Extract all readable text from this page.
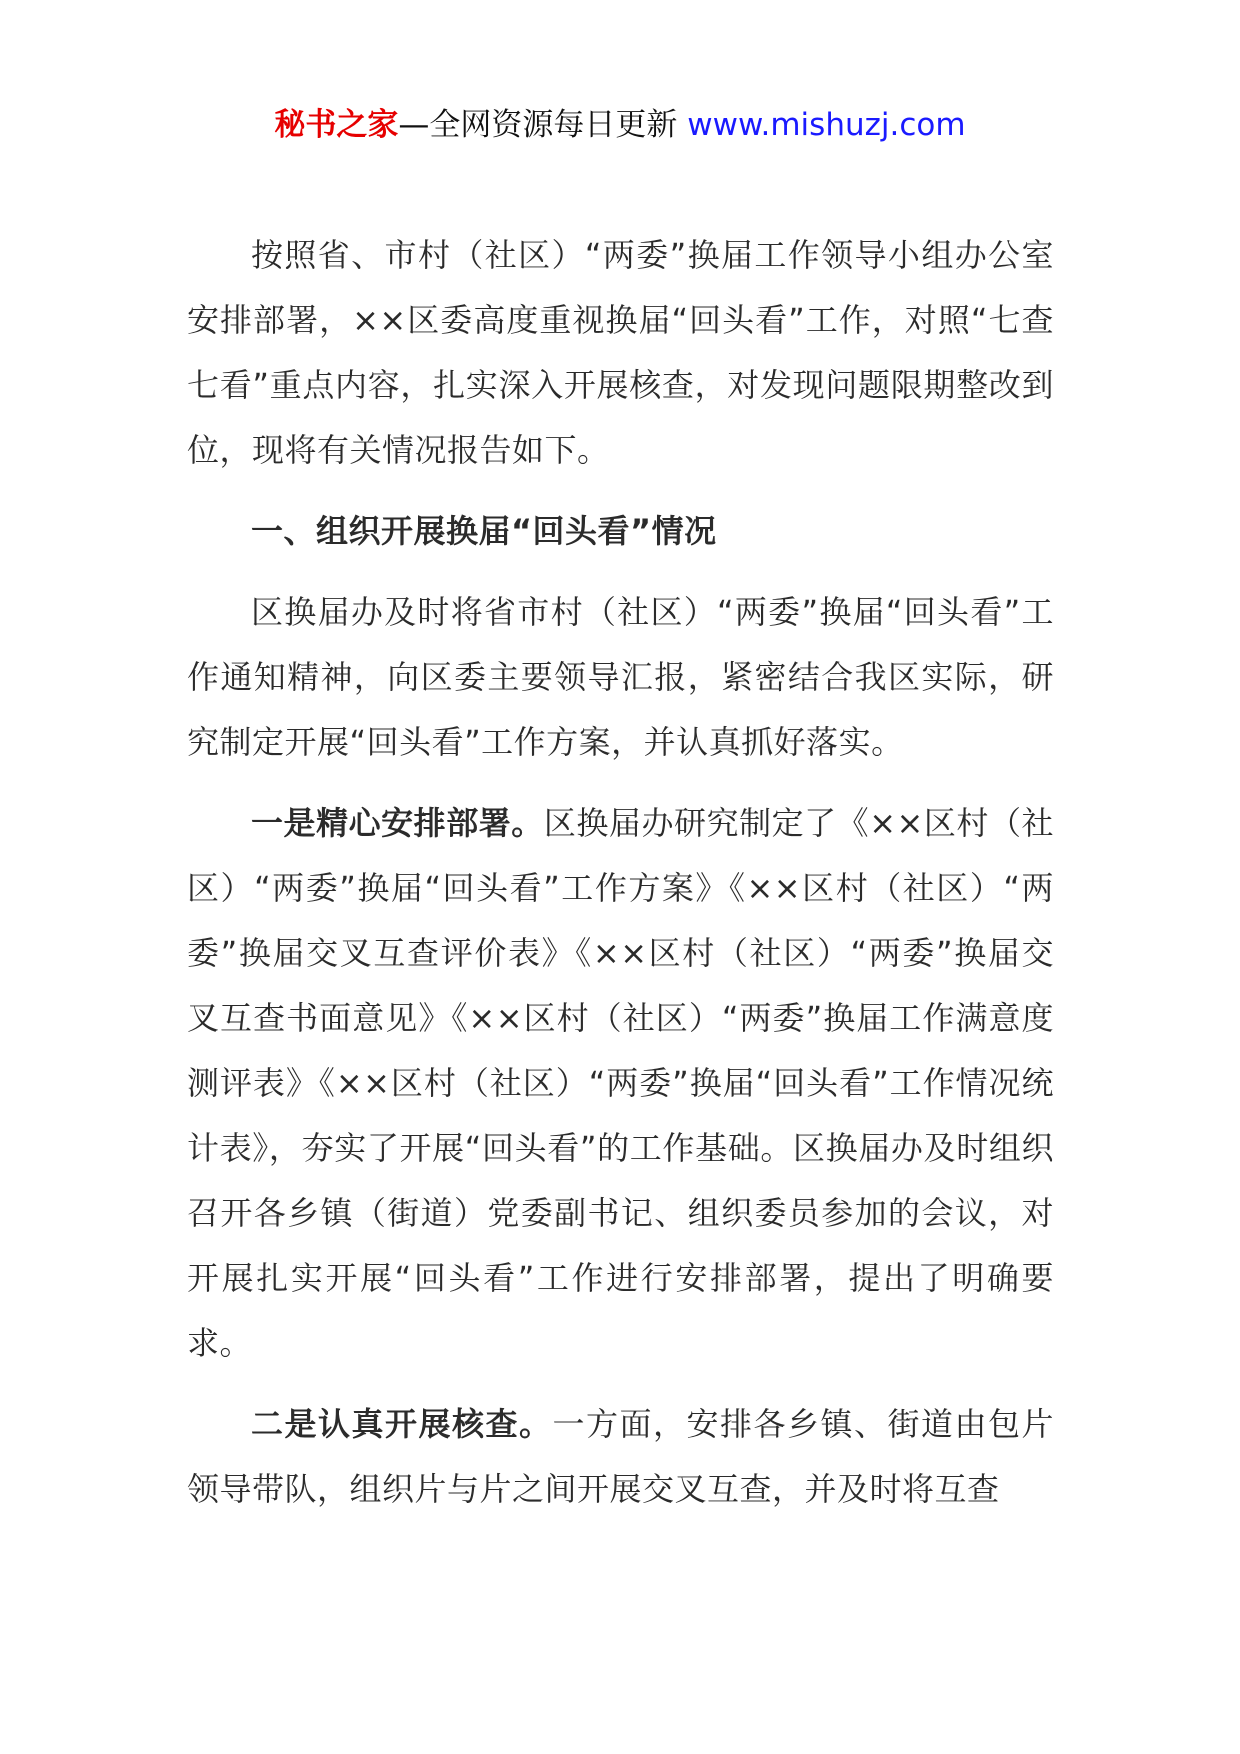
秘书之家—全网资源每日更新 www.mishuzj.com

按照省、市村（社区）“两委”换届工作领导小组办公室安排部署，××区委高度重视换届“回头看”工作，对照“七查七看”重点内容，扎实深入开展核查，对发现问题限期整改到位，现将有关情况报告如下。

一、组织开展换届“回头看”情况

区换届办及时将省市村（社区）“两委”换届“回头看”工作通知精神，向区委主要领导汇报，紧密结合我区实际，研究制定开展“回头看”工作方案，并认真抓好落实。

一是精心安排部署。区换届办研究制定了《××区村（社区）“两委”换届“回头看”工作方案》《××区村（社区）“两委”换届交叉互查评价表》《××区村（社区）“两委”换届交叉互查书面意见》《××区村（社区）“两委”换届工作满意度测评表》《××区村（社区）“两委”换届“回头看”工作情况统计表》，夯实了开展“回头看”的工作基础。区换届办及时组织召开各乡镇（街道）党委副书记、组织委员参加的会议，对开展扎实开展“回头看”工作进行安排部署，提出了明确要求。

二是认真开展核查。一方面，安排各乡镇、街道由包片领导带队，组织片与片之间开展交叉互查，并及时将互查
